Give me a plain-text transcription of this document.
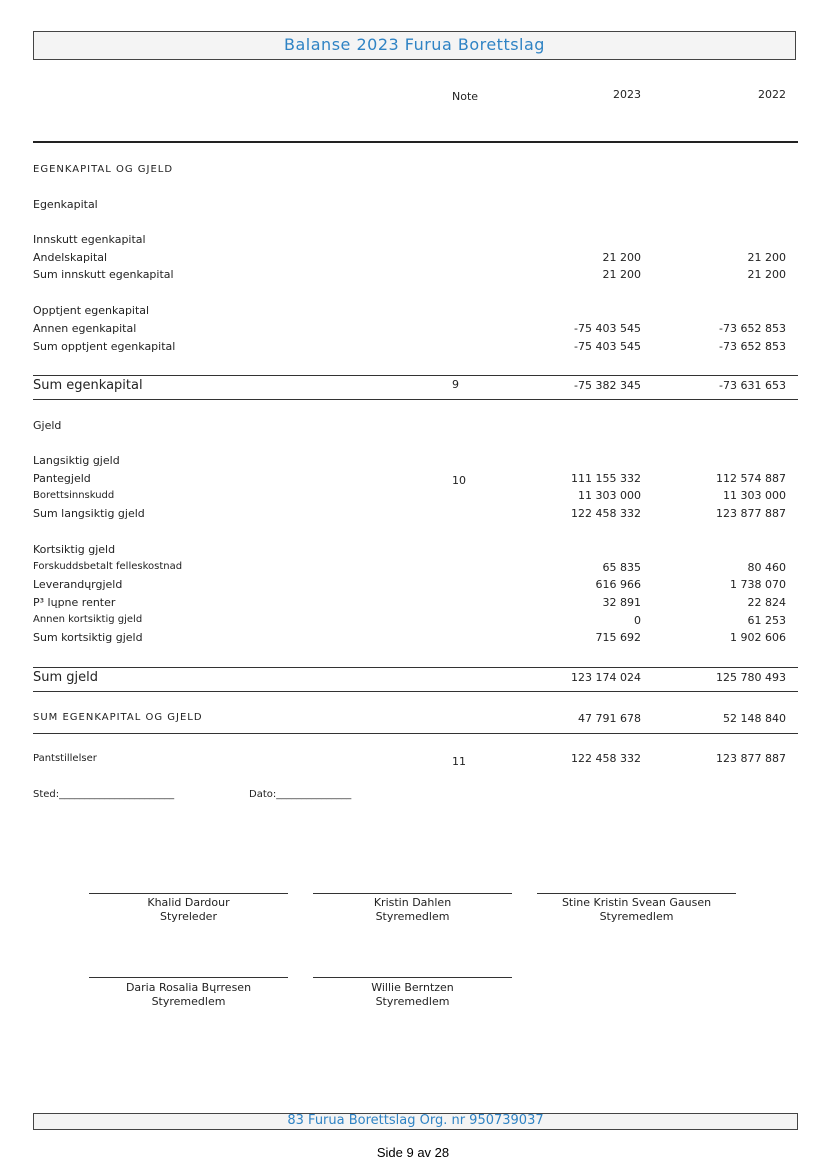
Balanse 2023 Furua Borettslag
Note	2023	2022
EGENKAPITAL OG GJELD
Egenkapital
Innskutt egenkapital
Andelskapital	21 200	21 200
Sum innskutt egenkapital	21 200	21 200
Opptjent egenkapital
Annen egenkapital	-75 403 545	-73 652 853
Sum opptjent egenkapital	-75 403 545	-73 652 853
Sum egenkapital	9	-75 382 345	-73 631 653
Gjeld
Langsiktig gjeld
Pantegjeld	10	111 155 332	112 574 887
Borettsinnskudd	11 303 000	11 303 000
Sum langsiktig gjeld	122 458 332	123 877 887
Kortsiktig gjeld
Forskuddsbetalt felleskostnad	65 835	80 460
Leverandųrgjeld	616 966	1 738 070
P³ lųpne renter	32 891	22 824
Annen kortsiktig gjeld	0	61 253
Sum kortsiktig gjeld	715 692	1 902 606
Sum gjeld	123 174 024	125 780 493
SUM EGENKAPITAL OG GJELD	47 791 678	52 148 840
Pantstillelser	11	122 458 332	123 877 887
Sted:_______________________	Dato:_______________
Khalid Dardour
Styreleder
Kristin Dahlen
Styremedlem
Stine Kristin Svean Gausen
Styremedlem
Daria Rosalia Bųrresen
Styremedlem
Willie Berntzen
Styremedlem
83 Furua Borettslag Org. nr 950739037
Side 9 av 28
